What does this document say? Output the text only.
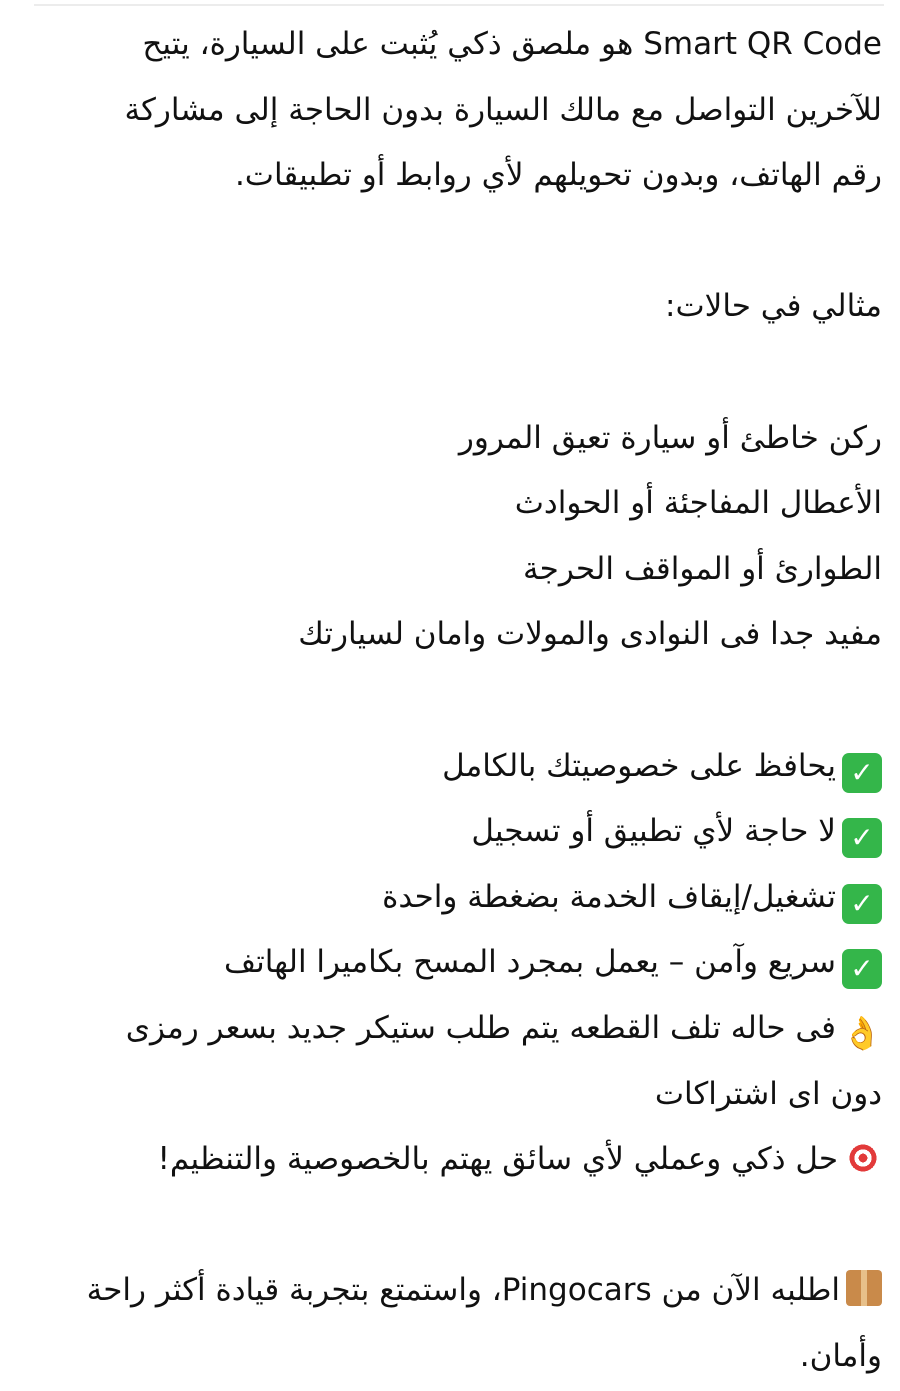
Smart QR Code هو ملصق ذكي يُثبت على السيارة، يتيح
للآخرين التواصل مع مالك السيارة بدون الحاجة إلى مشاركة
رقم الهاتف، وبدون تحويلهم لأي روابط أو تطبيقات.
مثالي في حالات:
ركن خاطئ أو سيارة تعيق المرور
الأعطال المفاجئة أو الحوادث
الطوارئ أو المواقف الحرجة
مفيد جدا فى النوادى والمولات وامان لسيارتك
✓يحافظ على خصوصيتك بالكامل
✓لا حاجة لأي تطبيق أو تسجيل
✓تشغيل/إيقاف الخدمة بضغطة واحدة
✓سريع وآمن – يعمل بمجرد المسح بكاميرا الهاتف
👌فى حاله تلف القطعه يتم طلب ستيكر جديد بسعر رمزى
دون اى اشتراكات
حل ذكي وعملي لأي سائق يهتم بالخصوصية والتنظيم!
اطلبه الآن من Pingocars، واستمتع بتجربة قيادة أكثر راحة
وأمان.
